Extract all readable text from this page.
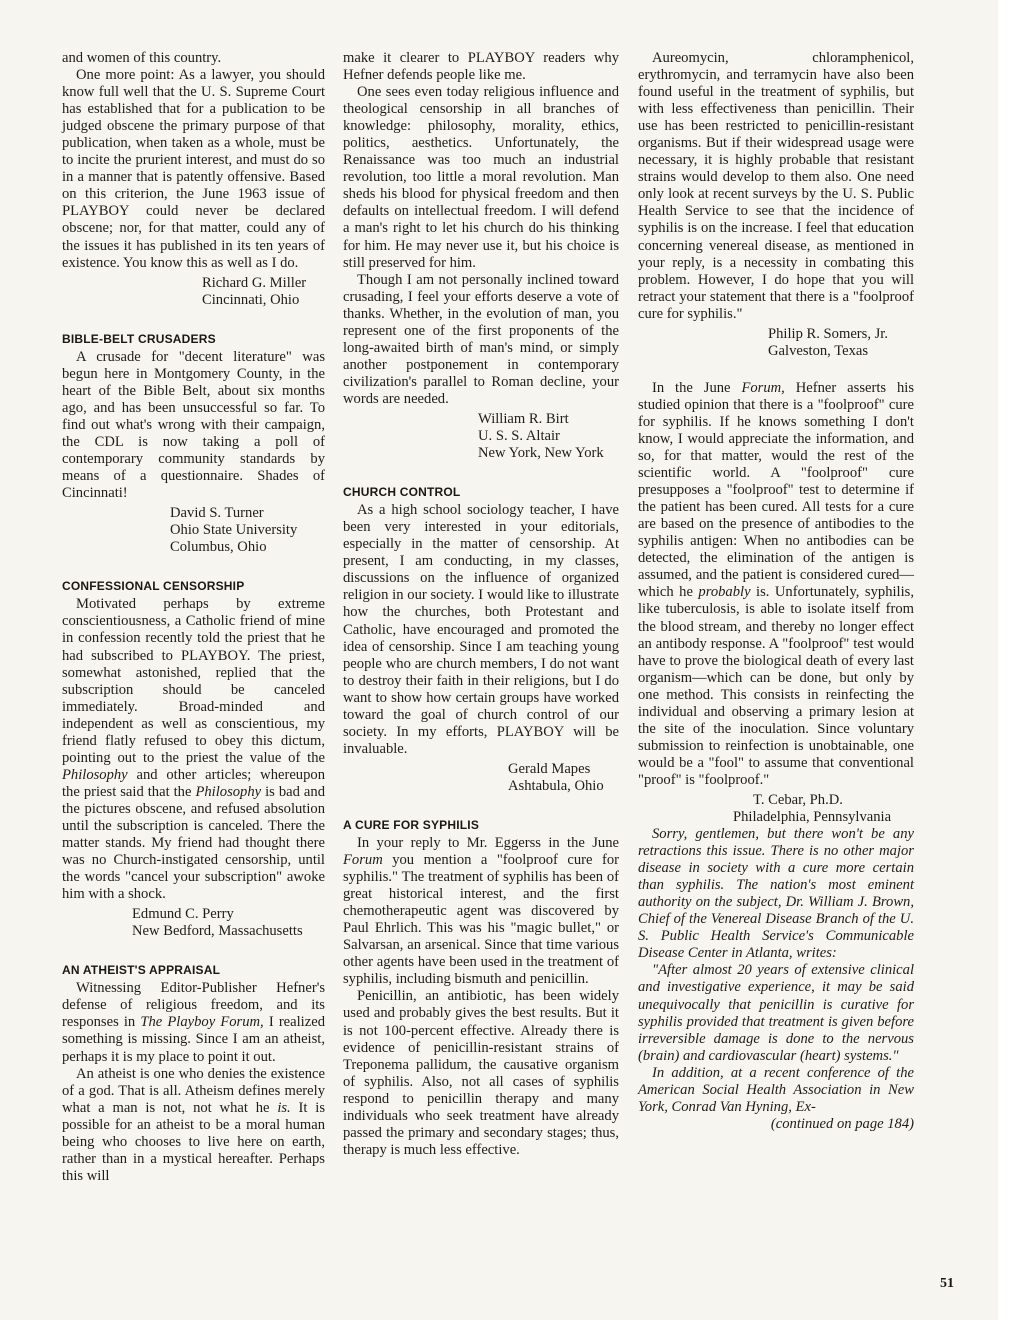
and women of this country.

One more point: As a lawyer, you should know full well that the U. S. Supreme Court has established that for a publication to be judged obscene the primary purpose of that publication, when taken as a whole, must be to incite the prurient interest, and must do so in a manner that is patently offensive. Based on this criterion, the June 1963 issue of PLAYBOY could never be declared obscene; nor, for that matter, could any of the issues it has published in its ten years of existence. You know this as well as I do.

Richard G. Miller
Cincinnati, Ohio
BIBLE-BELT CRUSADERS

A crusade for "decent literature" was begun here in Montgomery County, in the heart of the Bible Belt, about six months ago, and has been unsuccessful so far. To find out what's wrong with their campaign, the CDL is now taking a poll of contemporary community standards by means of a questionnaire. Shades of Cincinnati!

David S. Turner
Ohio State University
Columbus, Ohio
CONFESSIONAL CENSORSHIP

Motivated perhaps by extreme conscientiousness, a Catholic friend of mine in confession recently told the priest that he had subscribed to PLAYBOY. The priest, somewhat astonished, replied that the subscription should be canceled immediately. Broad-minded and independent as well as conscientious, my friend flatly refused to obey this dictum, pointing out to the priest the value of the Philosophy and other articles; whereupon the priest said that the Philosophy is bad and the pictures obscene, and refused absolution until the subscription is canceled. There the matter stands. My friend had thought there was no Church-instigated censorship, until the words "cancel your subscription" awoke him with a shock.

Edmund C. Perry
New Bedford, Massachusetts
AN ATHEIST'S APPRAISAL

Witnessing Editor-Publisher Hefner's defense of religious freedom, and its responses in The Playboy Forum, I realized something is missing. Since I am an atheist, perhaps it is my place to point it out.

An atheist is one who denies the existence of a god. That is all. Atheism defines merely what a man is not, not what he is. It is possible for an atheist to be a moral human being who chooses to live here on earth, rather than in a mystical hereafter. Perhaps this will

make it clearer to PLAYBOY readers why Hefner defends people like me.

One sees even today religious influence and theological censorship in all branches of knowledge: philosophy, morality, ethics, politics, aesthetics. Unfortunately, the Renaissance was too much an industrial revolution, too little a moral revolution. Man sheds his blood for physical freedom and then defaults on intellectual freedom. I will defend a man's right to let his church do his thinking for him. He may never use it, but his choice is still preserved for him.

Though I am not personally inclined toward crusading, I feel your efforts deserve a vote of thanks. Whether, in the evolution of man, you represent one of the first proponents of the long-awaited birth of man's mind, or simply another postponement in contemporary civilization's parallel to Roman decline, your words are needed.

William R. Birt
U. S. S. Altair
New York, New York
CHURCH CONTROL

As a high school sociology teacher, I have been very interested in your editorials, especially in the matter of censorship. At present, I am conducting, in my classes, discussions on the influence of organized religion in our society. I would like to illustrate how the churches, both Protestant and Catholic, have encouraged and promoted the idea of censorship. Since I am teaching young people who are church members, I do not want to destroy their faith in their religions, but I do want to show how certain groups have worked toward the goal of church control of our society. In my efforts, PLAYBOY will be invaluable.

Gerald Mapes
Ashtabula, Ohio
A CURE FOR SYPHILIS

In your reply to Mr. Eggerss in the June Forum you mention a "foolproof cure for syphilis." The treatment of syphilis has been of great historical interest, and the first chemotherapeutic agent was discovered by Paul Ehrlich. This was his "magic bullet," or Salvarsan, an arsenical. Since that time various other agents have been used in the treatment of syphilis, including bismuth and penicillin.

Penicillin, an antibiotic, has been widely used and probably gives the best results. But it is not 100-percent effective. Already there is evidence of penicillin-resistant strains of Treponema pallidum, the causative organism of syphilis. Also, not all cases of syphilis respond to penicillin therapy and many individuals who seek treatment have already passed the primary and secondary stages; thus, therapy is much less effective.

Aureomycin, chloramphenicol, erythromycin, and terramycin have also been found useful in the treatment of syphilis, but with less effectiveness than penicillin. Their use has been restricted to penicillin-resistant organisms. But if their widespread usage were necessary, it is highly probable that resistant strains would develop to them also. One need only look at recent surveys by the U. S. Public Health Service to see that the incidence of syphilis is on the increase. I feel that education concerning venereal disease, as mentioned in your reply, is a necessity in combating this problem. However, I do hope that you will retract your statement that there is a "foolproof cure for syphilis."

Philip R. Somers, Jr.
Galveston, Texas

In the June Forum, Hefner asserts his studied opinion that there is a "foolproof" cure for syphilis. If he knows something I don't know, I would appreciate the information, and so, for that matter, would the rest of the scientific world. A "foolproof" cure presupposes a "foolproof" test to determine if the patient has been cured. All tests for a cure are based on the presence of antibodies to the syphilis antigen: When no antibodies can be detected, the elimination of the antigen is assumed, and the patient is considered cured—which he probably is. Unfortunately, syphilis, like tuberculosis, is able to isolate itself from the blood stream, and thereby no longer effect an antibody response. A "foolproof" test would have to prove the biological death of every last organism—which can be done, but only by one method. This consists in reinfecting the individual and observing a primary lesion at the site of the inoculation. Since voluntary submission to reinfection is unobtainable, one would be a "fool" to assume that conventional "proof" is "foolproof."

T. Cebar, Ph.D.
Philadelphia, Pennsylvania

Sorry, gentlemen, but there won't be any retractions this issue. There is no other major disease in society with a cure more certain than syphilis. The nation's most eminent authority on the subject, Dr. William J. Brown, Chief of the Venereal Disease Branch of the U. S. Public Health Service's Communicable Disease Center in Atlanta, writes:

"After almost 20 years of extensive clinical and investigative experience, it may be said unequivocally that penicillin is curative for syphilis provided that treatment is given before irreversible damage is done to the nervous (brain) and cardiovascular (heart) systems."

In addition, at a recent conference of the American Social Health Association in New York, Conrad Van Hyning, Ex-

(continued on page 184)
51
